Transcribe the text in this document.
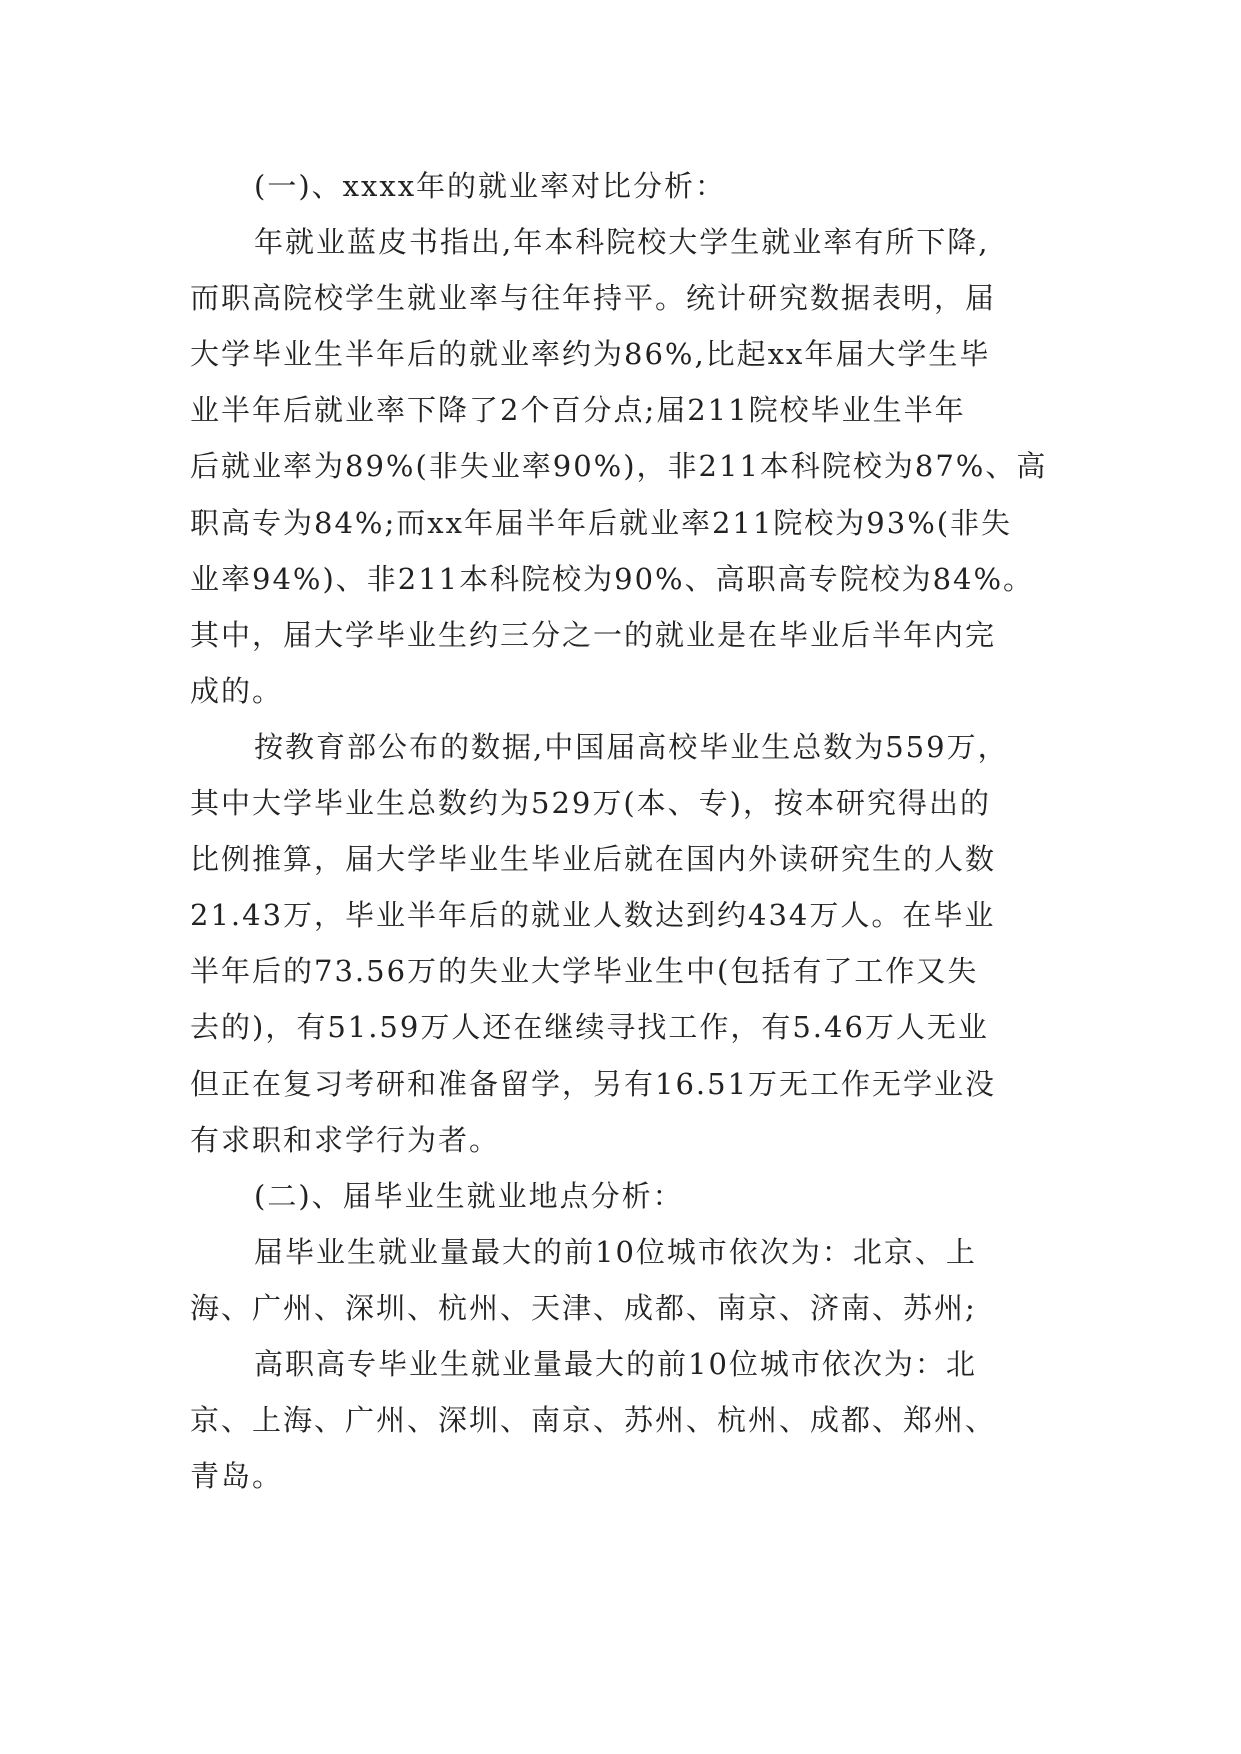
(一)、xxxx年的就业率对比分析：
年就业蓝皮书指出,年本科院校大学生就业率有所下降,
而职高院校学生就业率与往年持平。统计研究数据表明，届
大学毕业生半年后的就业率约为86%,比起xx年届大学生毕
业半年后就业率下降了2个百分点;届211院校毕业生半年
后就业率为89%(非失业率90%)，非211本科院校为87%、高
职高专为84%;而xx年届半年后就业率211院校为93%(非失
业率94%)、非211本科院校为90%、高职高专院校为84%。
其中，届大学毕业生约三分之一的就业是在毕业后半年内完
成的。
按教育部公布的数据,中国届高校毕业生总数为559万，
其中大学毕业生总数约为529万(本、专)，按本研究得出的
比例推算，届大学毕业生毕业后就在国内外读研究生的人数
21.43万，毕业半年后的就业人数达到约434万人。在毕业
半年后的73.56万的失业大学毕业生中(包括有了工作又失
去的)，有51.59万人还在继续寻找工作，有5.46万人无业
但正在复习考研和准备留学，另有16.51万无工作无学业没
有求职和求学行为者。
(二)、届毕业生就业地点分析：
届毕业生就业量最大的前10位城市依次为：北京、上
海、广州、深圳、杭州、天津、成都、南京、济南、苏州;
高职高专毕业生就业量最大的前10位城市依次为：北
京、上海、广州、深圳、南京、苏州、杭州、成都、郑州、
青岛。
